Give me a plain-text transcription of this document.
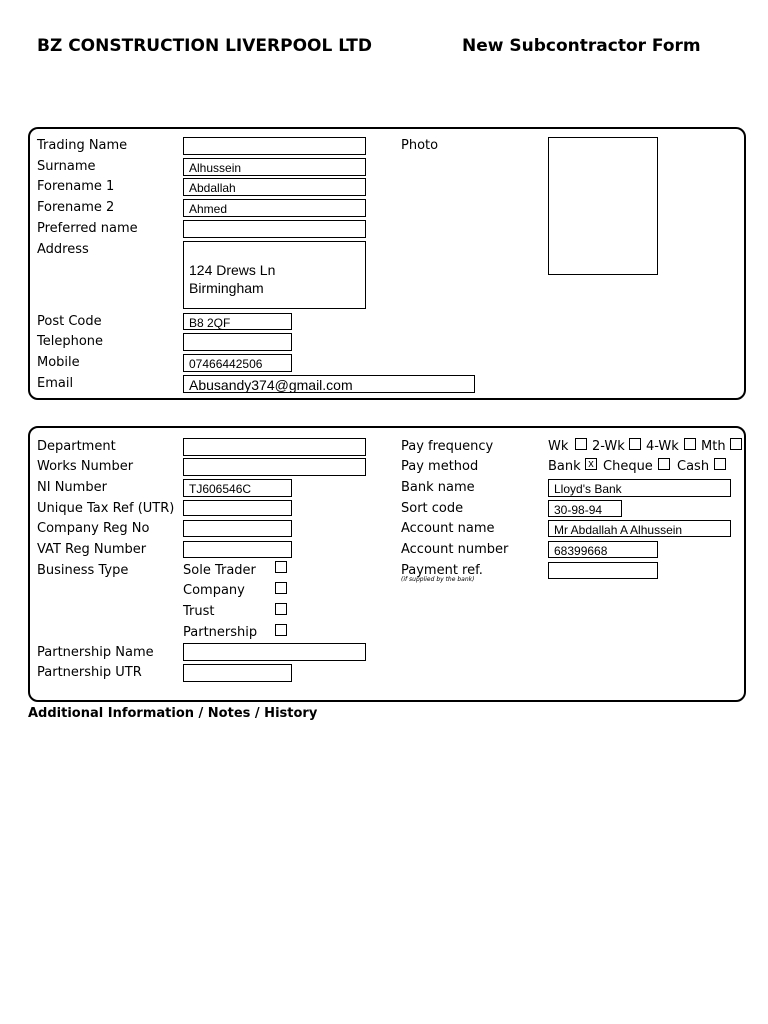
BZ CONSTRUCTION LIVERPOOL LTD	New Subcontractor Form
Trading Name
Surname	Alhussein
Forename 1	Abdallah
Forename 2	Ahmed
Preferred name
Address
124 Drews Ln
Birmingham
Post Code	B8 2QF
Telephone
Mobile	07466442506
Email	Abusandy374@gmail.com
Photo
Department
Works Number
NI Number	TJ606546C
Unique Tax Ref (UTR)
Company Reg No
VAT Reg Number
Business Type	Sole Trader
Company
Trust
Partnership
Partnership Name
Partnership UTR
Pay frequency	Wk 2-Wk 4-Wk Mth
Pay method	Bank x Cheque Cash
Bank name	Lloyd's Bank
Sort code	30-98-94
Account name	Mr Abdallah A Alhussein
Account number	68399668
Payment ref.
(if supplied by the bank)
Additional Information / Notes / History
